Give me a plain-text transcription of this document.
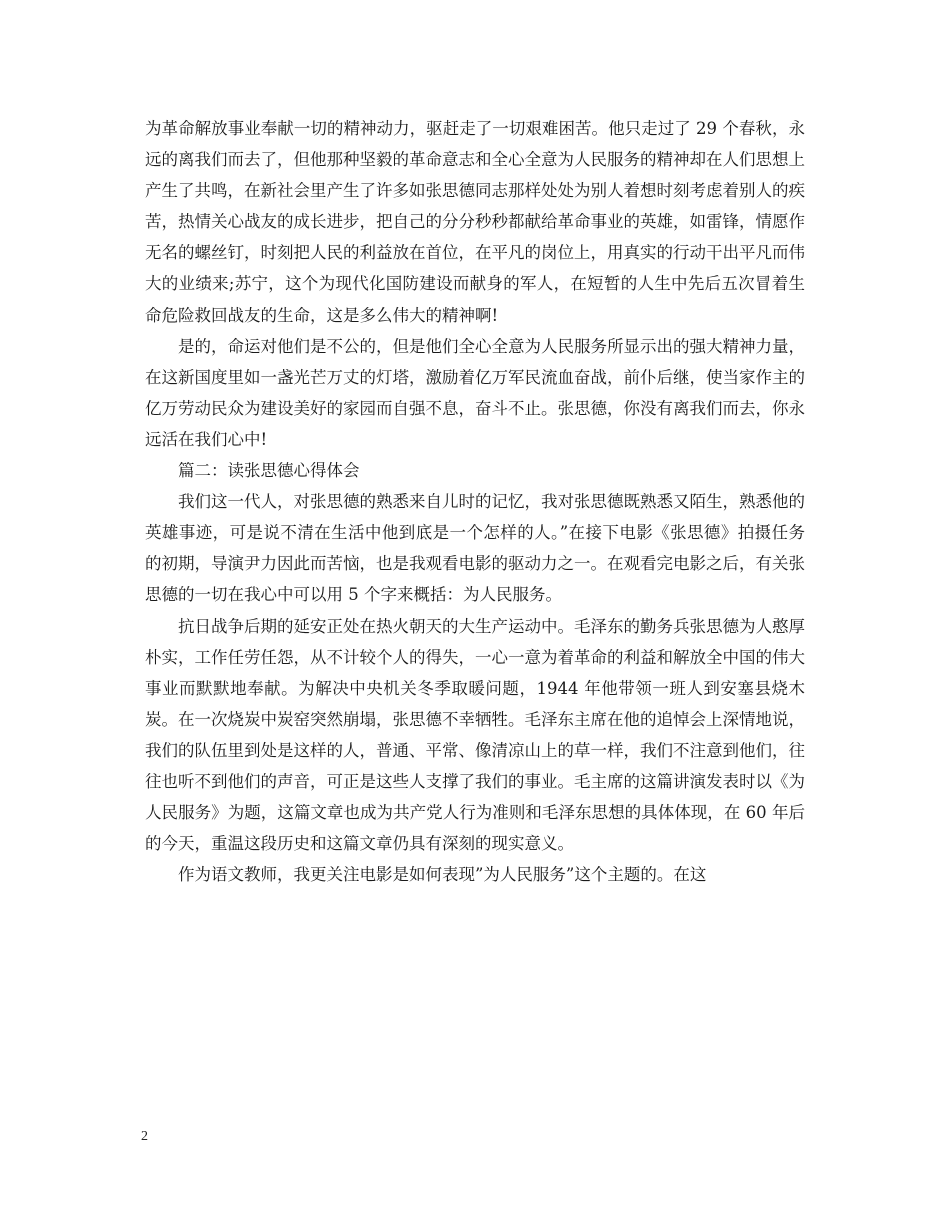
为革命解放事业奉献一切的精神动力，驱赶走了一切艰难困苦。他只走过了 29 个春秋，永远的离我们而去了，但他那种坚毅的革命意志和全心全意为人民服务的精神却在人们思想上产生了共鸣，在新社会里产生了许多如张思德同志那样处处为别人着想时刻考虑着别人的疾苦，热情关心战友的成长进步，把自己的分分秒秒都献给革命事业的英雄，如雷锋，情愿作无名的螺丝钉，时刻把人民的利益放在首位，在平凡的岗位上，用真实的行动干出平凡而伟大的业绩来;苏宁，这个为现代化国防建设而献身的军人，在短暂的人生中先后五次冒着生命危险救回战友的生命，这是多么伟大的精神啊!

是的，命运对他们是不公的，但是他们全心全意为人民服务所显示出的强大精神力量，在这新国度里如一盏光芒万丈的灯塔，激励着亿万军民流血奋战，前仆后继，使当家作主的亿万劳动民众为建设美好的家园而自强不息，奋斗不止。张思德，你没有离我们而去，你永远活在我们心中!

篇二：读张思德心得体会

我们这一代人，对张思德的熟悉来自儿时的记忆，我对张思德既熟悉又陌生，熟悉他的英雄事迹，可是说不清在生活中他到底是一个怎样的人。”在接下电影《张思德》拍摄任务的初期，导演尹力因此而苦恼，也是我观看电影的驱动力之一。在观看完电影之后，有关张思德的一切在我心中可以用 5 个字来概括：为人民服务。

抗日战争后期的延安正处在热火朝天的大生产运动中。毛泽东的勤务兵张思德为人憨厚朴实，工作任劳任怨，从不计较个人的得失，一心一意为着革命的利益和解放全中国的伟大事业而默默地奉献。为解决中央机关冬季取暖问题，1944 年他带领一班人到安塞县烧木炭。在一次烧炭中炭窑突然崩塌，张思德不幸牺牲。毛泽东主席在他的追悼会上深情地说，我们的队伍里到处是这样的人，普通、平常、像清凉山上的草一样，我们不注意到他们，往往也听不到他们的声音，可正是这些人支撑了我们的事业。毛主席的这篇讲演发表时以《为人民服务》为题，这篇文章也成为共产党人行为准则和毛泽东思想的具体体现，在 60 年后的今天，重温这段历史和这篇文章仍具有深刻的现实意义。

作为语文教师，我更关注电影是如何表现”为人民服务”这个主题的。在这

2
